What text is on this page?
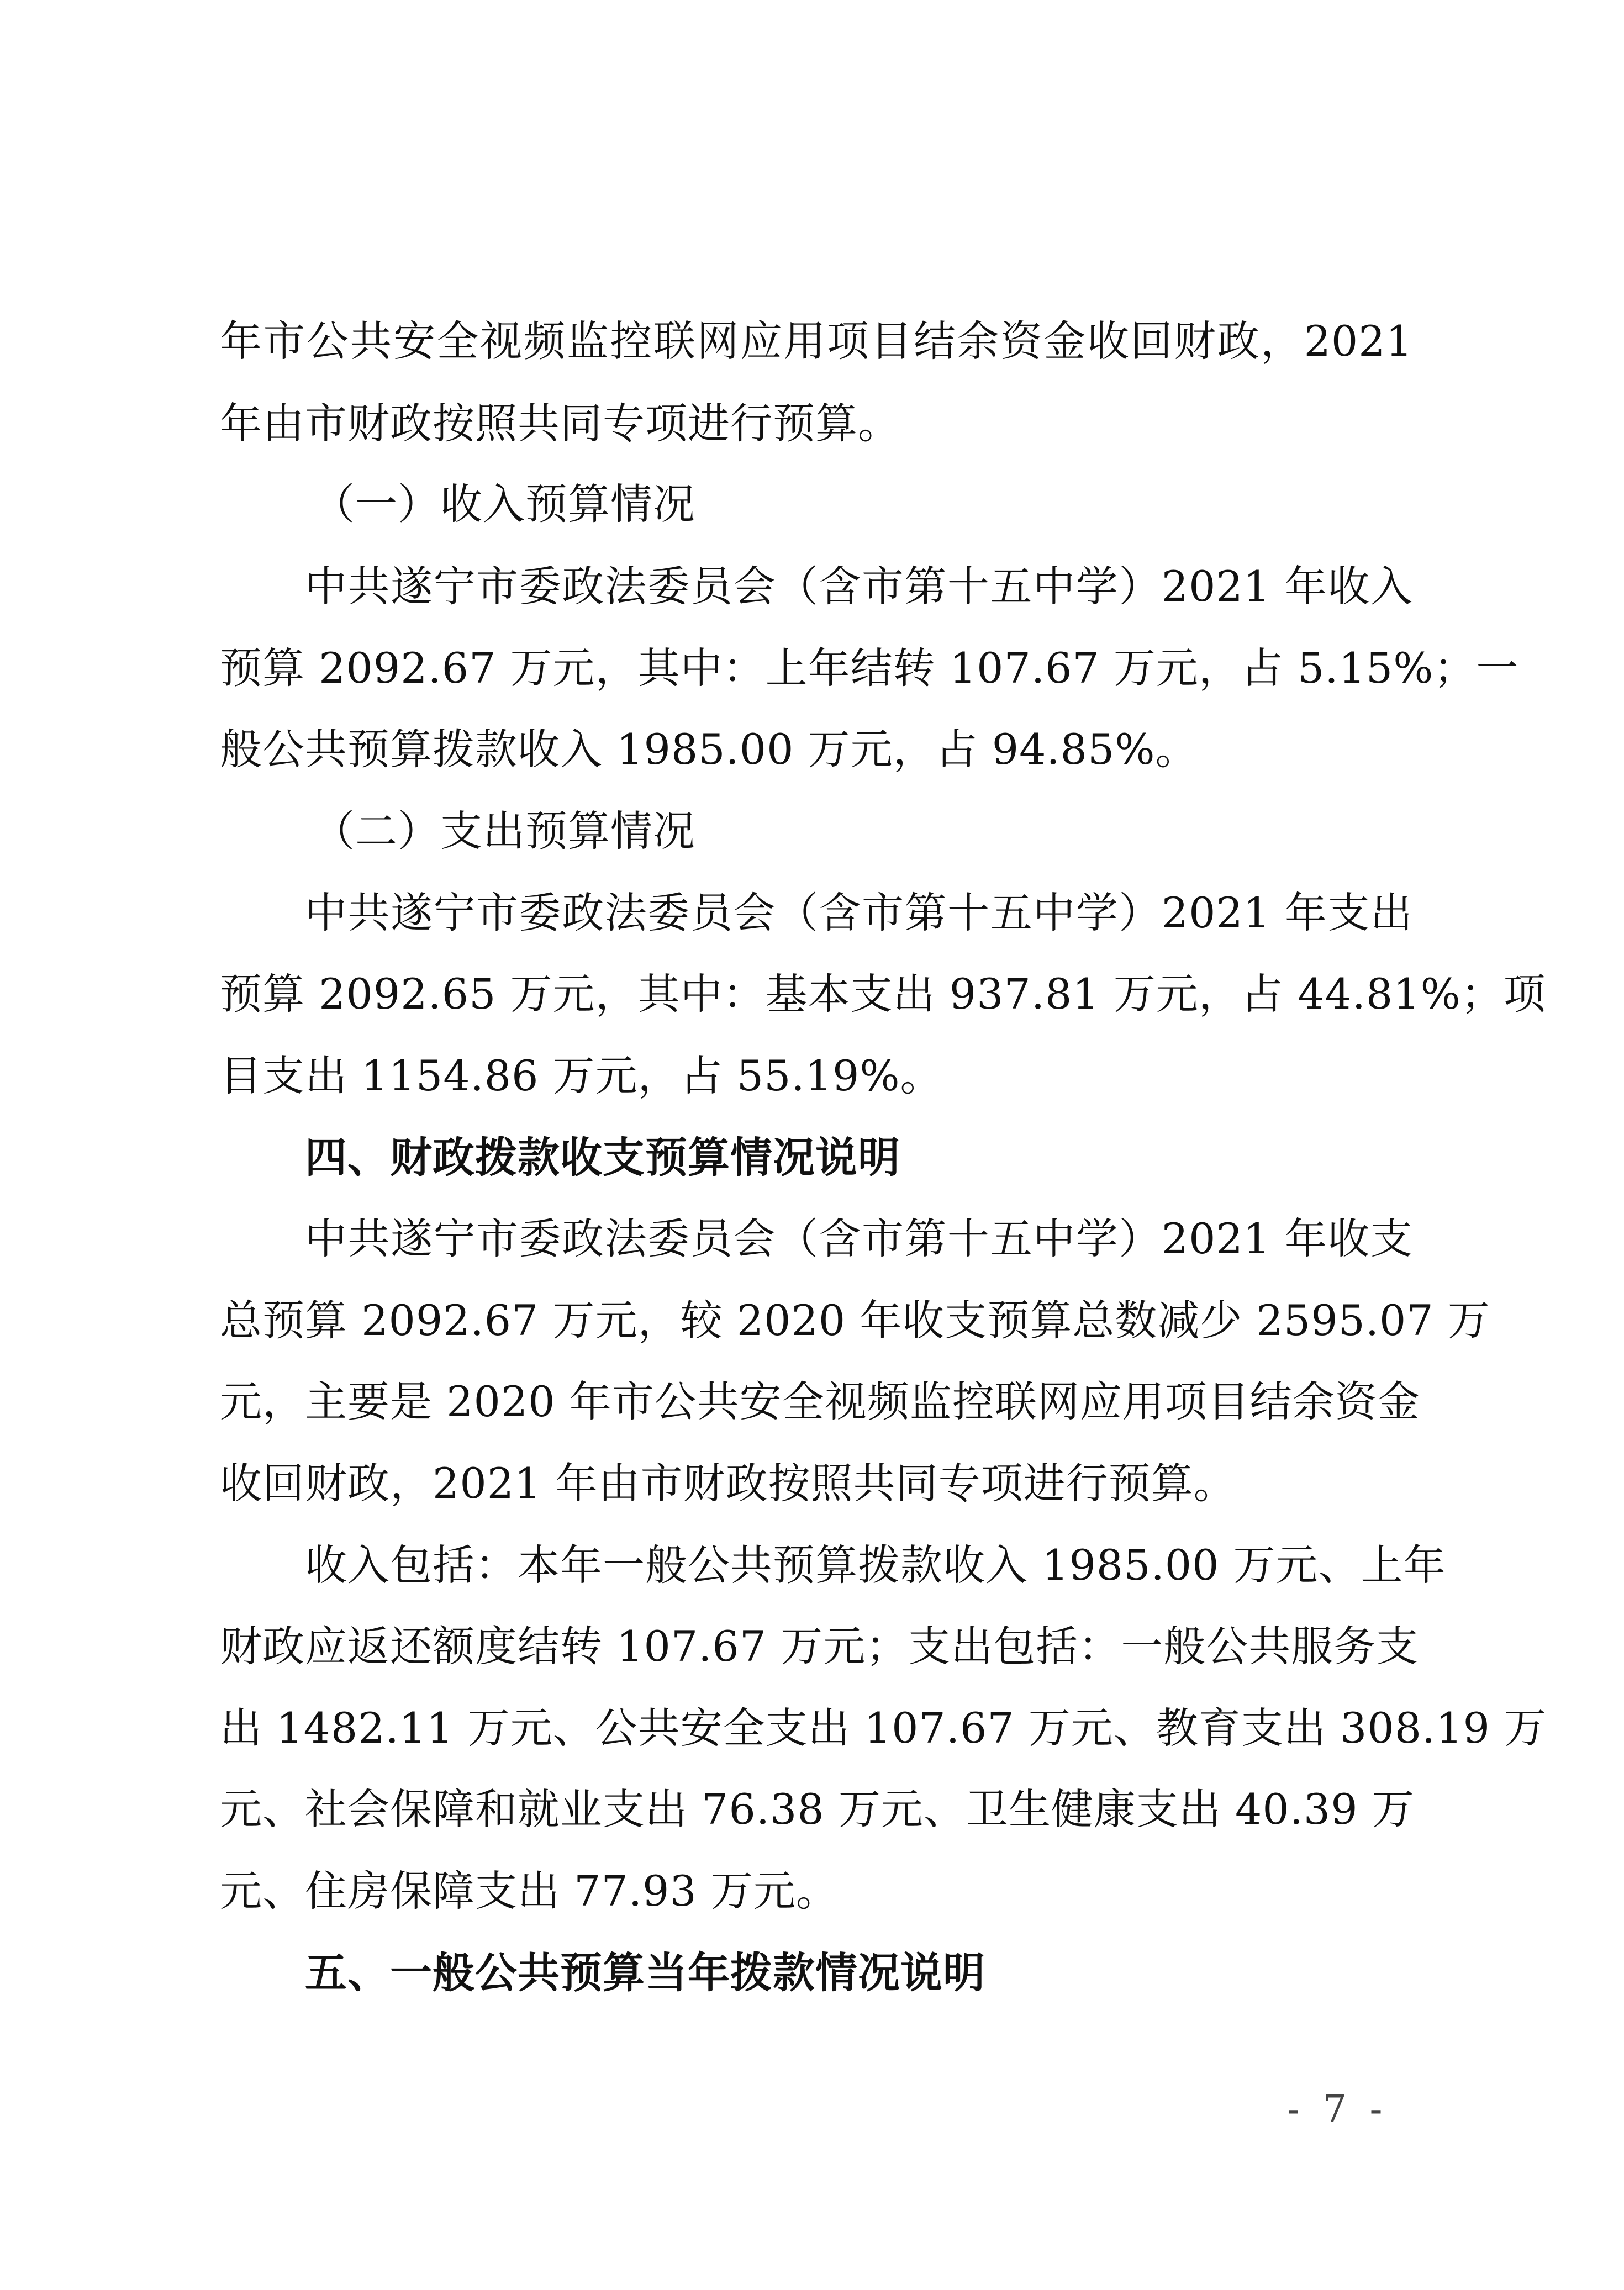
年市公共安全视频监控联网应用项目结余资金收回财政，2021
年由市财政按照共同专项进行预算。
（一）收入预算情况
中共遂宁市委政法委员会（含市第十五中学）2021 年收入
预算 2092.67 万元，其中：上年结转 107.67 万元，占 5.15%；一
般公共预算拨款收入 1985.00 万元，占 94.85%。
（二）支出预算情况
中共遂宁市委政法委员会（含市第十五中学）2021 年支出
预算 2092.65 万元，其中：基本支出 937.81 万元，占 44.81%；项
目支出 1154.86 万元，占 55.19%。
四、财政拨款收支预算情况说明
中共遂宁市委政法委员会（含市第十五中学）2021 年收支
总预算 2092.67 万元，较 2020 年收支预算总数减少 2595.07 万
元，主要是 2020 年市公共安全视频监控联网应用项目结余资金
收回财政，2021 年由市财政按照共同专项进行预算。
收入包括：本年一般公共预算拨款收入 1985.00 万元、上年
财政应返还额度结转 107.67 万元；支出包括：一般公共服务支
出 1482.11 万元、公共安全支出 107.67 万元、教育支出 308.19 万
元、社会保障和就业支出 76.38 万元、卫生健康支出 40.39 万
元、住房保障支出 77.93 万元。
五、一般公共预算当年拨款情况说明
- 7 -
